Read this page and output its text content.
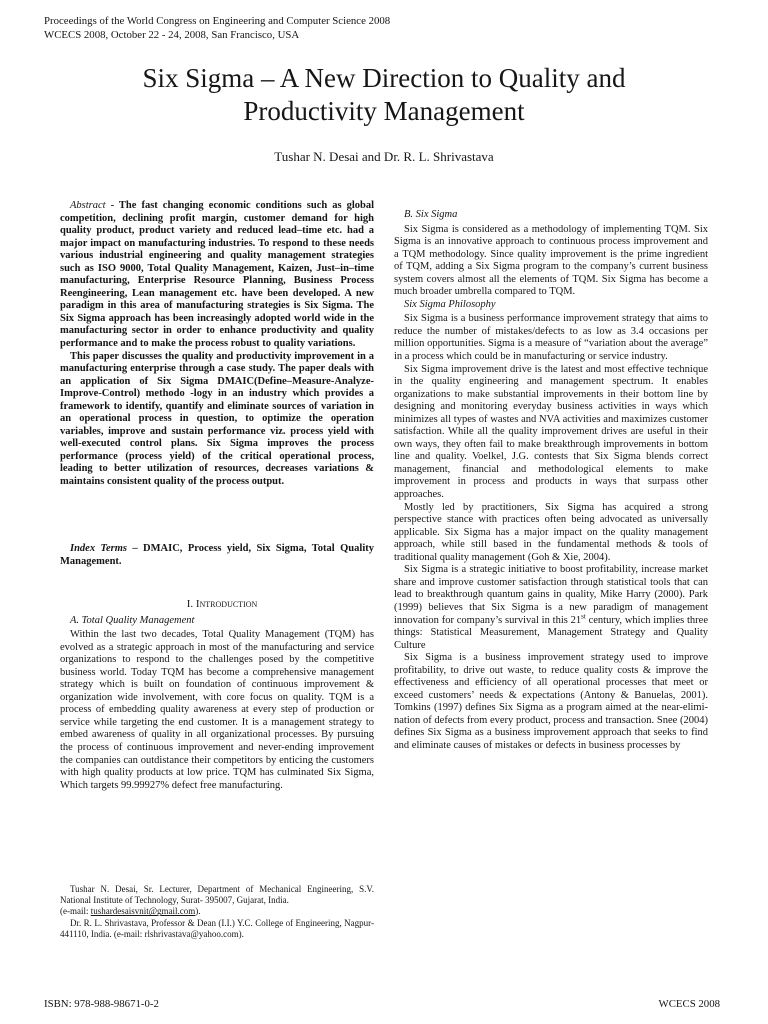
Proceedings of the World Congress on Engineering and Computer Science 2008
WCECS 2008, October 22 - 24, 2008, San Francisco, USA
Six Sigma – A New Direction to Quality and
Productivity Management
Tushar N. Desai and Dr. R. L. Shrivastava

Abstract - The fast changing economic conditions such as global competition, declining profit margin, customer demand for high quality product, product variety and reduced lead–time etc. had a major impact on manufacturing industries. To respond to these needs various industrial engineering and quality management strategies such as ISO 9000, Total Quality Management, Kaizen, Just–in–time manufacturing, Enterprise Resource Planning, Business Process Reengineering, Lean management etc. have been developed. A new paradigm in this area of manufacturing strategies is Six Sigma. The Six Sigma approach has been increasingly adopted world wide in the manufacturing sector in order to enhance productivity and quality performance and to make the process robust to quality variations.

This paper discusses the quality and productivity improvement in a manufacturing enterprise through a case study. The paper deals with an application of Six Sigma DMAIC(Define–Measure-Analyze-Improve-Control) methodo -logy in an industry which provides a framework to identify, quantify and eliminate sources of variation in an operational process in question, to optimize the operation variables, improve and sustain performance viz. process yield with well-executed control plans. Six Sigma improves the process performance (process yield) of the critical operational process, leading to better utilization of resources, decreases variations & maintains consistent quality of the process output.

Index Terms – DMAIC, Process yield, Six Sigma, Total Quality Management.

I. Introduction

A. Total Quality Management

Within the last two decades, Total Quality Management (TQM) has evolved as a strategic approach in most of the manufacturing and service organizations to respond to the challenges posed by the competitive business world. Today TQM has become a comprehensive management strategy which is built on foundation of continuous improvement & organization wide involvement, with core focus on quality. TQM is a process of embedding quality awareness at every step of production or service while targeting the end customer. It is a management strategy to embed awareness of quality in all organizational processes. By pursuing the process of continuous improvement and never-ending improvement the companies can outdistance their competitors by enticing the customers with high quality products at low price. TQM has culminated Six Sigma, Which targets 99.99927% defect free manufacturing.

Tushar N. Desai, Sr. Lecturer, Department of Mechanical Engineering, S.V. National Institute of Technology, Surat- 395007, Gujarat, India.

(e-mail: tushardesaisvnit@gmail.com).

Dr. R. L. Shrivastava, Professor & Dean (I.I.) Y.C. College of Engineering, Nagpur- 441110, India. (e-mail: rlshrivastava@yahoo.com).

B. Six Sigma

Six Sigma is considered as a methodology of implementing TQM. Six Sigma is an innovative approach to continuous process improvement and a TQM methodology. Since quality improvement is the prime ingredient of TQM, adding a Six Sigma program to the company’s current business system covers almost all the elements of TQM. Six Sigma has become a much broader umbrella compared to TQM.

Six Sigma Philosophy

Six Sigma is a business performance improvement strategy that aims to reduce the number of mistakes/defects to as low as 3.4 occasions per million opportunities. Sigma is a measure of “variation about the average” in a process which could be in manufacturing or service industry.

Six Sigma improvement drive is the latest and most effective technique in the quality engineering and management spectrum. It enables organizations to make substantial improvements in their bottom line by designing and monitoring everyday business activities in ways which minimizes all types of wastes and NVA activities and maximizes customer satisfaction. While all the quality improvement drives are useful in their own ways, they often fail to make breakthrough improvements in bottom line and quality. Voelkel, J.G. contests that Six Sigma blends correct management, financial and methodological elements to make improvement in process and products in ways that surpass other approaches.

Mostly led by practitioners, Six Sigma has acquired a strong perspective stance with practices often being advocated as universally applicable. Six Sigma has a major impact on the quality management approach, while still based in the fundamental methods & tools of traditional quality management (Goh & Xie, 2004).

Six Sigma is a strategic initiative to boost profitability, increase market share and improve customer satisfaction through statistical tools that can lead to breakthrough quantum gains in quality, Mike Harry (2000). Park (1999) believes that Six Sigma is a new paradigm of management innovation for company’s survival in this 21st century, which implies three things: Statistical Measurement, Management Strategy and Quality Culture

Six Sigma is a business improvement strategy used to improve profitability, to drive out waste, to reduce quality costs & improve the effectiveness and efficiency of all operational processes that meet or exceed customers’ needs & expectations (Antony & Banuelas, 2001). Tomkins (1997) defines Six Sigma as a program aimed at the near-elimi-nation of defects from every product, process and transaction. Snee (2004) defines Six Sigma as a business improvement approach that seeks to find and eliminate causes of mistakes or defects in business processes by

ISBN: 978-988-98671-0-2	WCECS 2008
